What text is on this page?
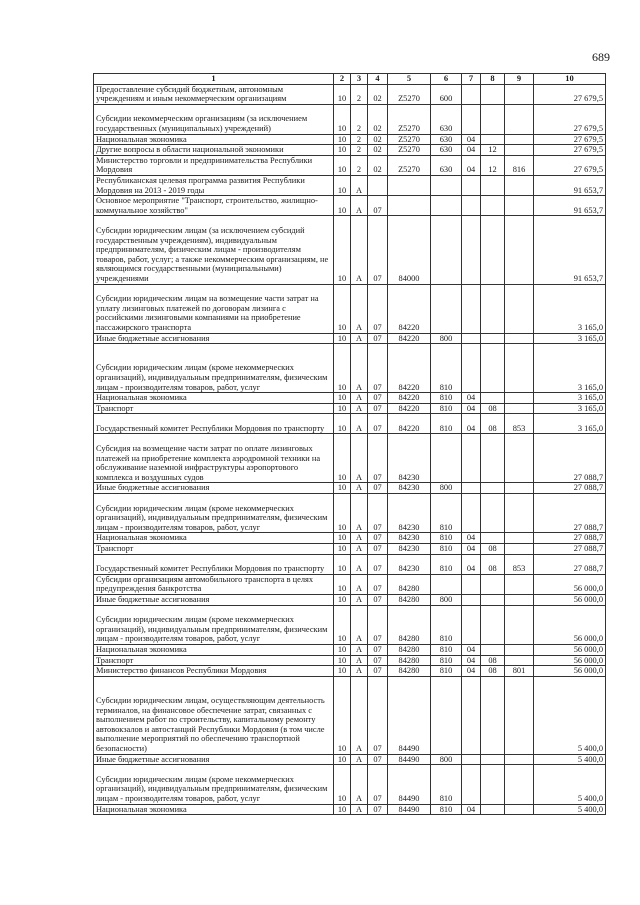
689
1	2	3	4	5	6	7	8	9	10
Предоставление субсидий бюджетным, автономным учреждениям и иным некоммерческим организациям	10	2	02	Z5270	600				27 679,5
Субсидии некоммерческим организациям (за исключением государственных (муниципальных) учреждений)	10	2	02	Z5270	630				27 679,5
Национальная экономика	10	2	02	Z5270	630	04			27 679,5
Другие вопросы в области национальной экономики	10	2	02	Z5270	630	04	12		27 679,5
Министерство торговли и предпринимательства Республики Мордовия	10	2	02	Z5270	630	04	12	816	27 679,5
Республиканская целевая программа развития Республики Мордовия на 2013 - 2019 годы	10	А							91 653,7
Основное мероприятие "Транспорт, строительство, жилищно-коммунальное хозяйство"	10	А	07						91 653,7
Субсидии юридическим лицам (за исключением субсидий государственным учреждениям), индивидуальным предпринимателям, физическим лицам - производителям товаров, работ, услуг; а также некоммерческим организациям, не являющимся государственными (муниципальными) учреждениями	10	А	07	84000					91 653,7
Субсидии юридическим лицам на возмещение части затрат на уплату лизинговых платежей по договорам лизинга с российскими лизинговыми компаниями на приобретение пассажирского транспорта	10	А	07	84220					3 165,0
Иные бюджетные ассигнования	10	А	07	84220	800				3 165,0
Субсидии юридическим лицам (кроме некоммерческих организаций), индивидуальным предпринимателям, физическим лицам - производителям товаров, работ, услуг	10	А	07	84220	810				3 165,0
Национальная экономика	10	А	07	84220	810	04			3 165,0
Транспорт	10	А	07	84220	810	04	08		3 165,0
Государственный комитет Республики Мордовия по транспорту	10	А	07	84220	810	04	08	853	3 165,0
Субсидия на возмещение части затрат по оплате лизинговых платежей на приобретение комплекта аэродромной техники на обслуживание наземной инфраструктуры аэропортового комплекса и воздушных судов	10	А	07	84230					27 088,7
Иные бюджетные ассигнования	10	А	07	84230	800				27 088,7
Субсидии юридическим лицам (кроме некоммерческих организаций), индивидуальным предпринимателям, физическим лицам - производителям товаров, работ, услуг	10	А	07	84230	810				27 088,7
Национальная экономика	10	А	07	84230	810	04			27 088,7
Транспорт	10	А	07	84230	810	04	08		27 088,7
Государственный комитет Республики Мордовия по транспорту	10	А	07	84230	810	04	08	853	27 088,7
Субсидии организациям автомобильного транспорта в целях предупреждения банкротства	10	А	07	84280					56 000,0
Иные бюджетные ассигнования	10	А	07	84280	800				56 000,0
Субсидии юридическим лицам (кроме некоммерческих организаций), индивидуальным предпринимателям, физическим лицам - производителям товаров, работ, услуг	10	А	07	84280	810				56 000,0
Национальная экономика	10	А	07	84280	810	04			56 000,0
Транспорт	10	А	07	84280	810	04	08		56 000,0
Министерство финансов Республики Мордовия	10	А	07	84280	810	04	08	801	56 000,0
Субсидии юридическим лицам, осуществляющим деятельность терминалов, на финансовое обеспечение затрат, связанных с выполнением работ по строительству, капитальному ремонту автовокзалов и автостанций Республики Мордовия (в том числе выполнение мероприятий по обеспечению транспортной безопасности)	10	А	07	84490					5 400,0
Иные бюджетные ассигнования	10	А	07	84490	800				5 400,0
Субсидии юридическим лицам (кроме некоммерческих организаций), индивидуальным предпринимателям, физическим лицам - производителям товаров, работ, услуг	10	А	07	84490	810				5 400,0
Национальная экономика	10	А	07	84490	810	04			5 400,0
